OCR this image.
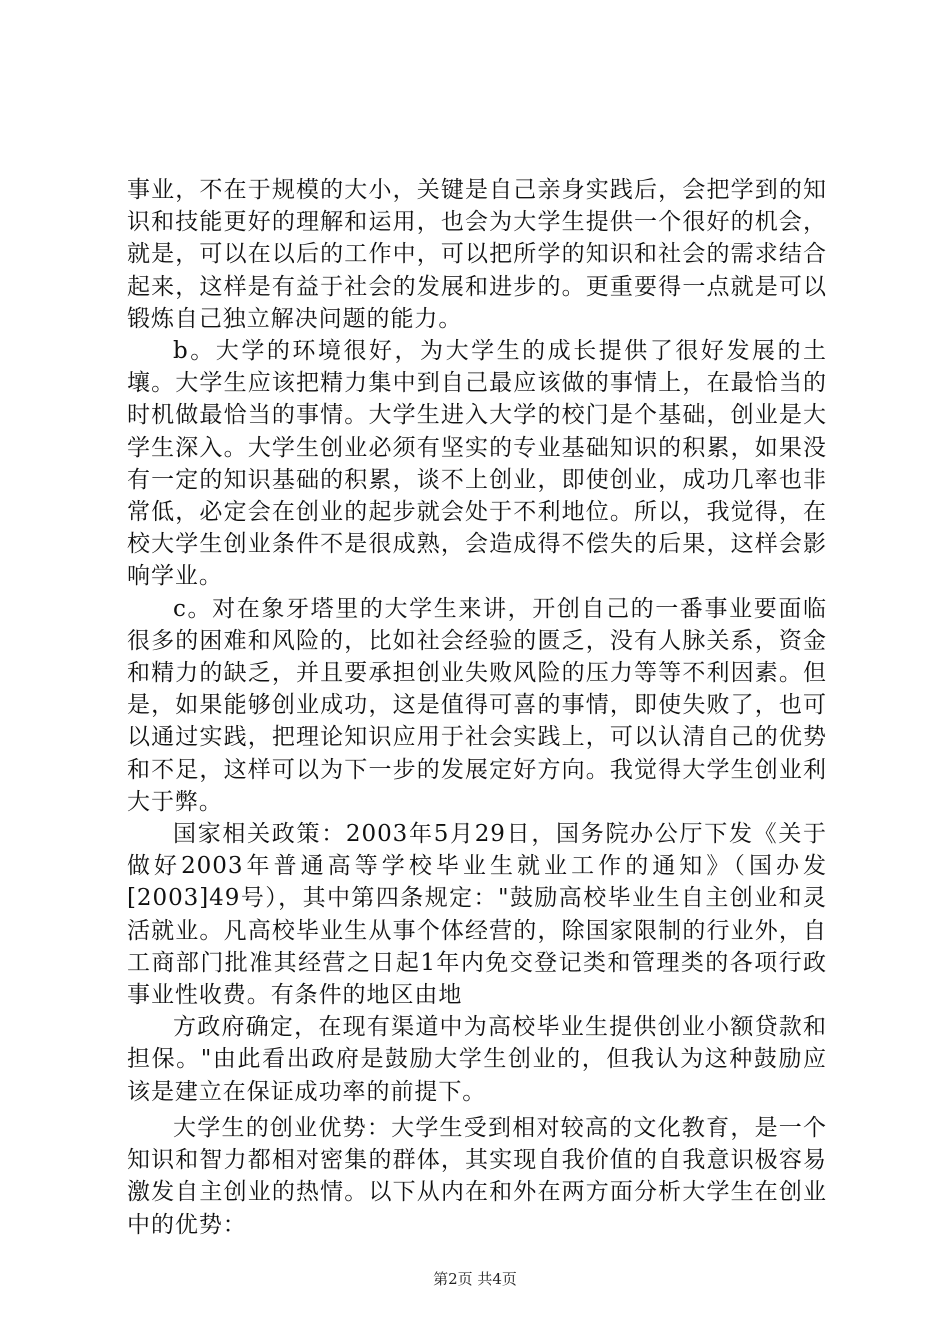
事业，不在于规模的大小，关键是自己亲身实践后，会把学到的知识和技能更好的理解和运用，也会为大学生提供一个很好的机会，就是，可以在以后的工作中，可以把所学的知识和社会的需求结合起来，这样是有益于社会的发展和进步的。更重要得一点就是可以锻炼自己独立解决问题的能力。

b。大学的环境很好，为大学生的成长提供了很好发展的土壤。大学生应该把精力集中到自己最应该做的事情上，在最恰当的时机做最恰当的事情。大学生进入大学的校门是个基础，创业是大学生深入。大学生创业必须有坚实的专业基础知识的积累，如果没有一定的知识基础的积累，谈不上创业，即使创业，成功几率也非常低，必定会在创业的起步就会处于不利地位。所以，我觉得，在校大学生创业条件不是很成熟，会造成得不偿失的后果，这样会影响学业。

c。对在象牙塔里的大学生来讲，开创自己的一番事业要面临很多的困难和风险的，比如社会经验的匮乏，没有人脉关系，资金和精力的缺乏，并且要承担创业失败风险的压力等等不利因素。但是，如果能够创业成功，这是值得可喜的事情，即使失败了，也可以通过实践，把理论知识应用于社会实践上，可以认清自己的优势和不足，这样可以为下一步的发展定好方向。我觉得大学生创业利大于弊。

国家相关政策：2003年5月29日，国务院办公厅下发《关于做好2003年普通高等学校毕业生就业工作的通知》（国办发[2003]49号），其中第四条规定："鼓励高校毕业生自主创业和灵活就业。凡高校毕业生从事个体经营的，除国家限制的行业外，自工商部门批准其经营之日起1年内免交登记类和管理类的各项行政事业性收费。有条件的地区由地

方政府确定，在现有渠道中为高校毕业生提供创业小额贷款和担保。"由此看出政府是鼓励大学生创业的，但我认为这种鼓励应该是建立在保证成功率的前提下。

大学生的创业优势：大学生受到相对较高的文化教育，是一个知识和智力都相对密集的群体，其实现自我价值的自我意识极容易激发自主创业的热情。以下从内在和外在两方面分析大学生在创业中的优势：

第2页 共4页
